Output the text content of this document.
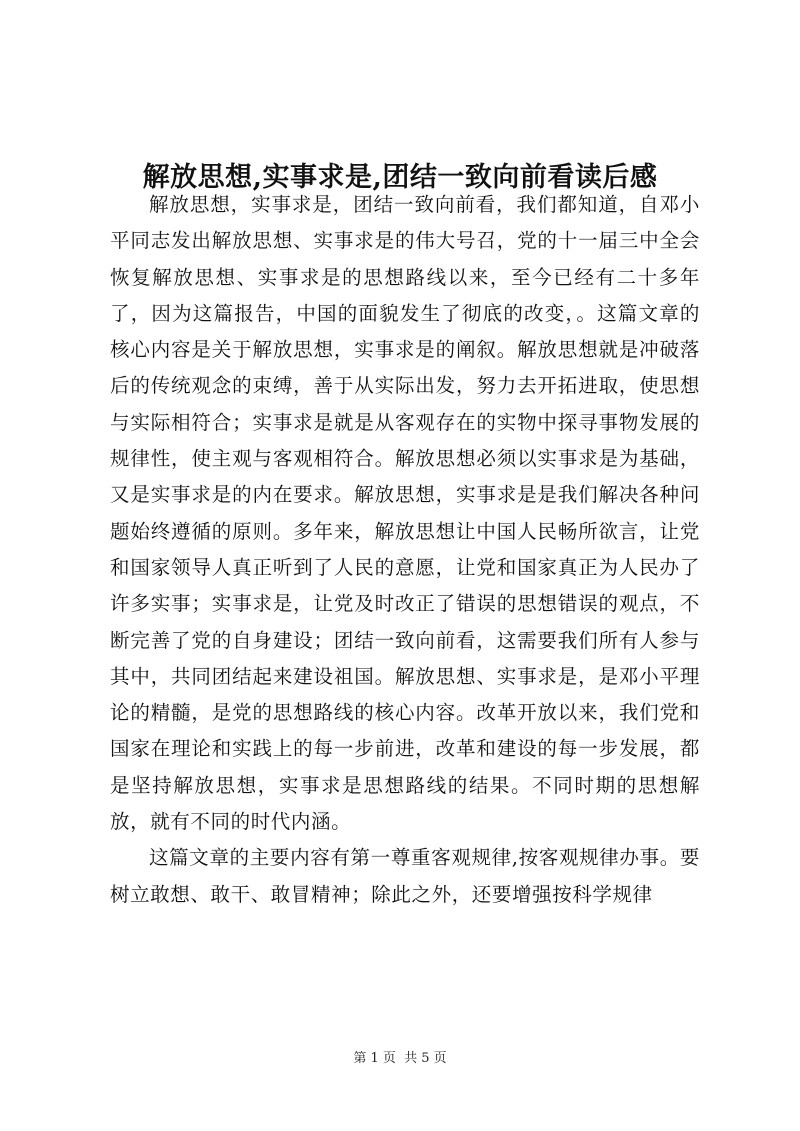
解放思想,实事求是,团结一致向前看读后感

解放思想，实事求是，团结一致向前看，我们都知道，自邓小平同志发出解放思想、实事求是的伟大号召，党的十一届三中全会恢复解放思想、实事求是的思想路线以来，至今已经有二十多年了，因为这篇报告，中国的面貌发生了彻底的改变，。这篇文章的核心内容是关于解放思想，实事求是的阐叙。解放思想就是冲破落后的传统观念的束缚，善于从实际出发，努力去开拓进取，使思想与实际相符合；实事求是就是从客观存在的实物中探寻事物发展的规律性，使主观与客观相符合。解放思想必须以实事求是为基础，又是实事求是的内在要求。解放思想，实事求是是我们解决各种问题始终遵循的原则。多年来，解放思想让中国人民畅所欲言，让党和国家领导人真正听到了人民的意愿，让党和国家真正为人民办了许多实事；实事求是，让党及时改正了错误的思想错误的观点，不断完善了党的自身建设；团结一致向前看，这需要我们所有人参与其中，共同团结起来建设祖国。解放思想、实事求是，是邓小平理论的精髓，是党的思想路线的核心内容。改革开放以来，我们党和国家在理论和实践上的每一步前进，改革和建设的每一步发展，都是坚持解放思想，实事求是思想路线的结果。不同时期的思想解放，就有不同的时代内涵。

这篇文章的主要内容有第一尊重客观规律,按客观规律办事。要树立敢想、敢干、敢冒精神；除此之外，还要增强按科学规律

第 1 页 共 5 页
